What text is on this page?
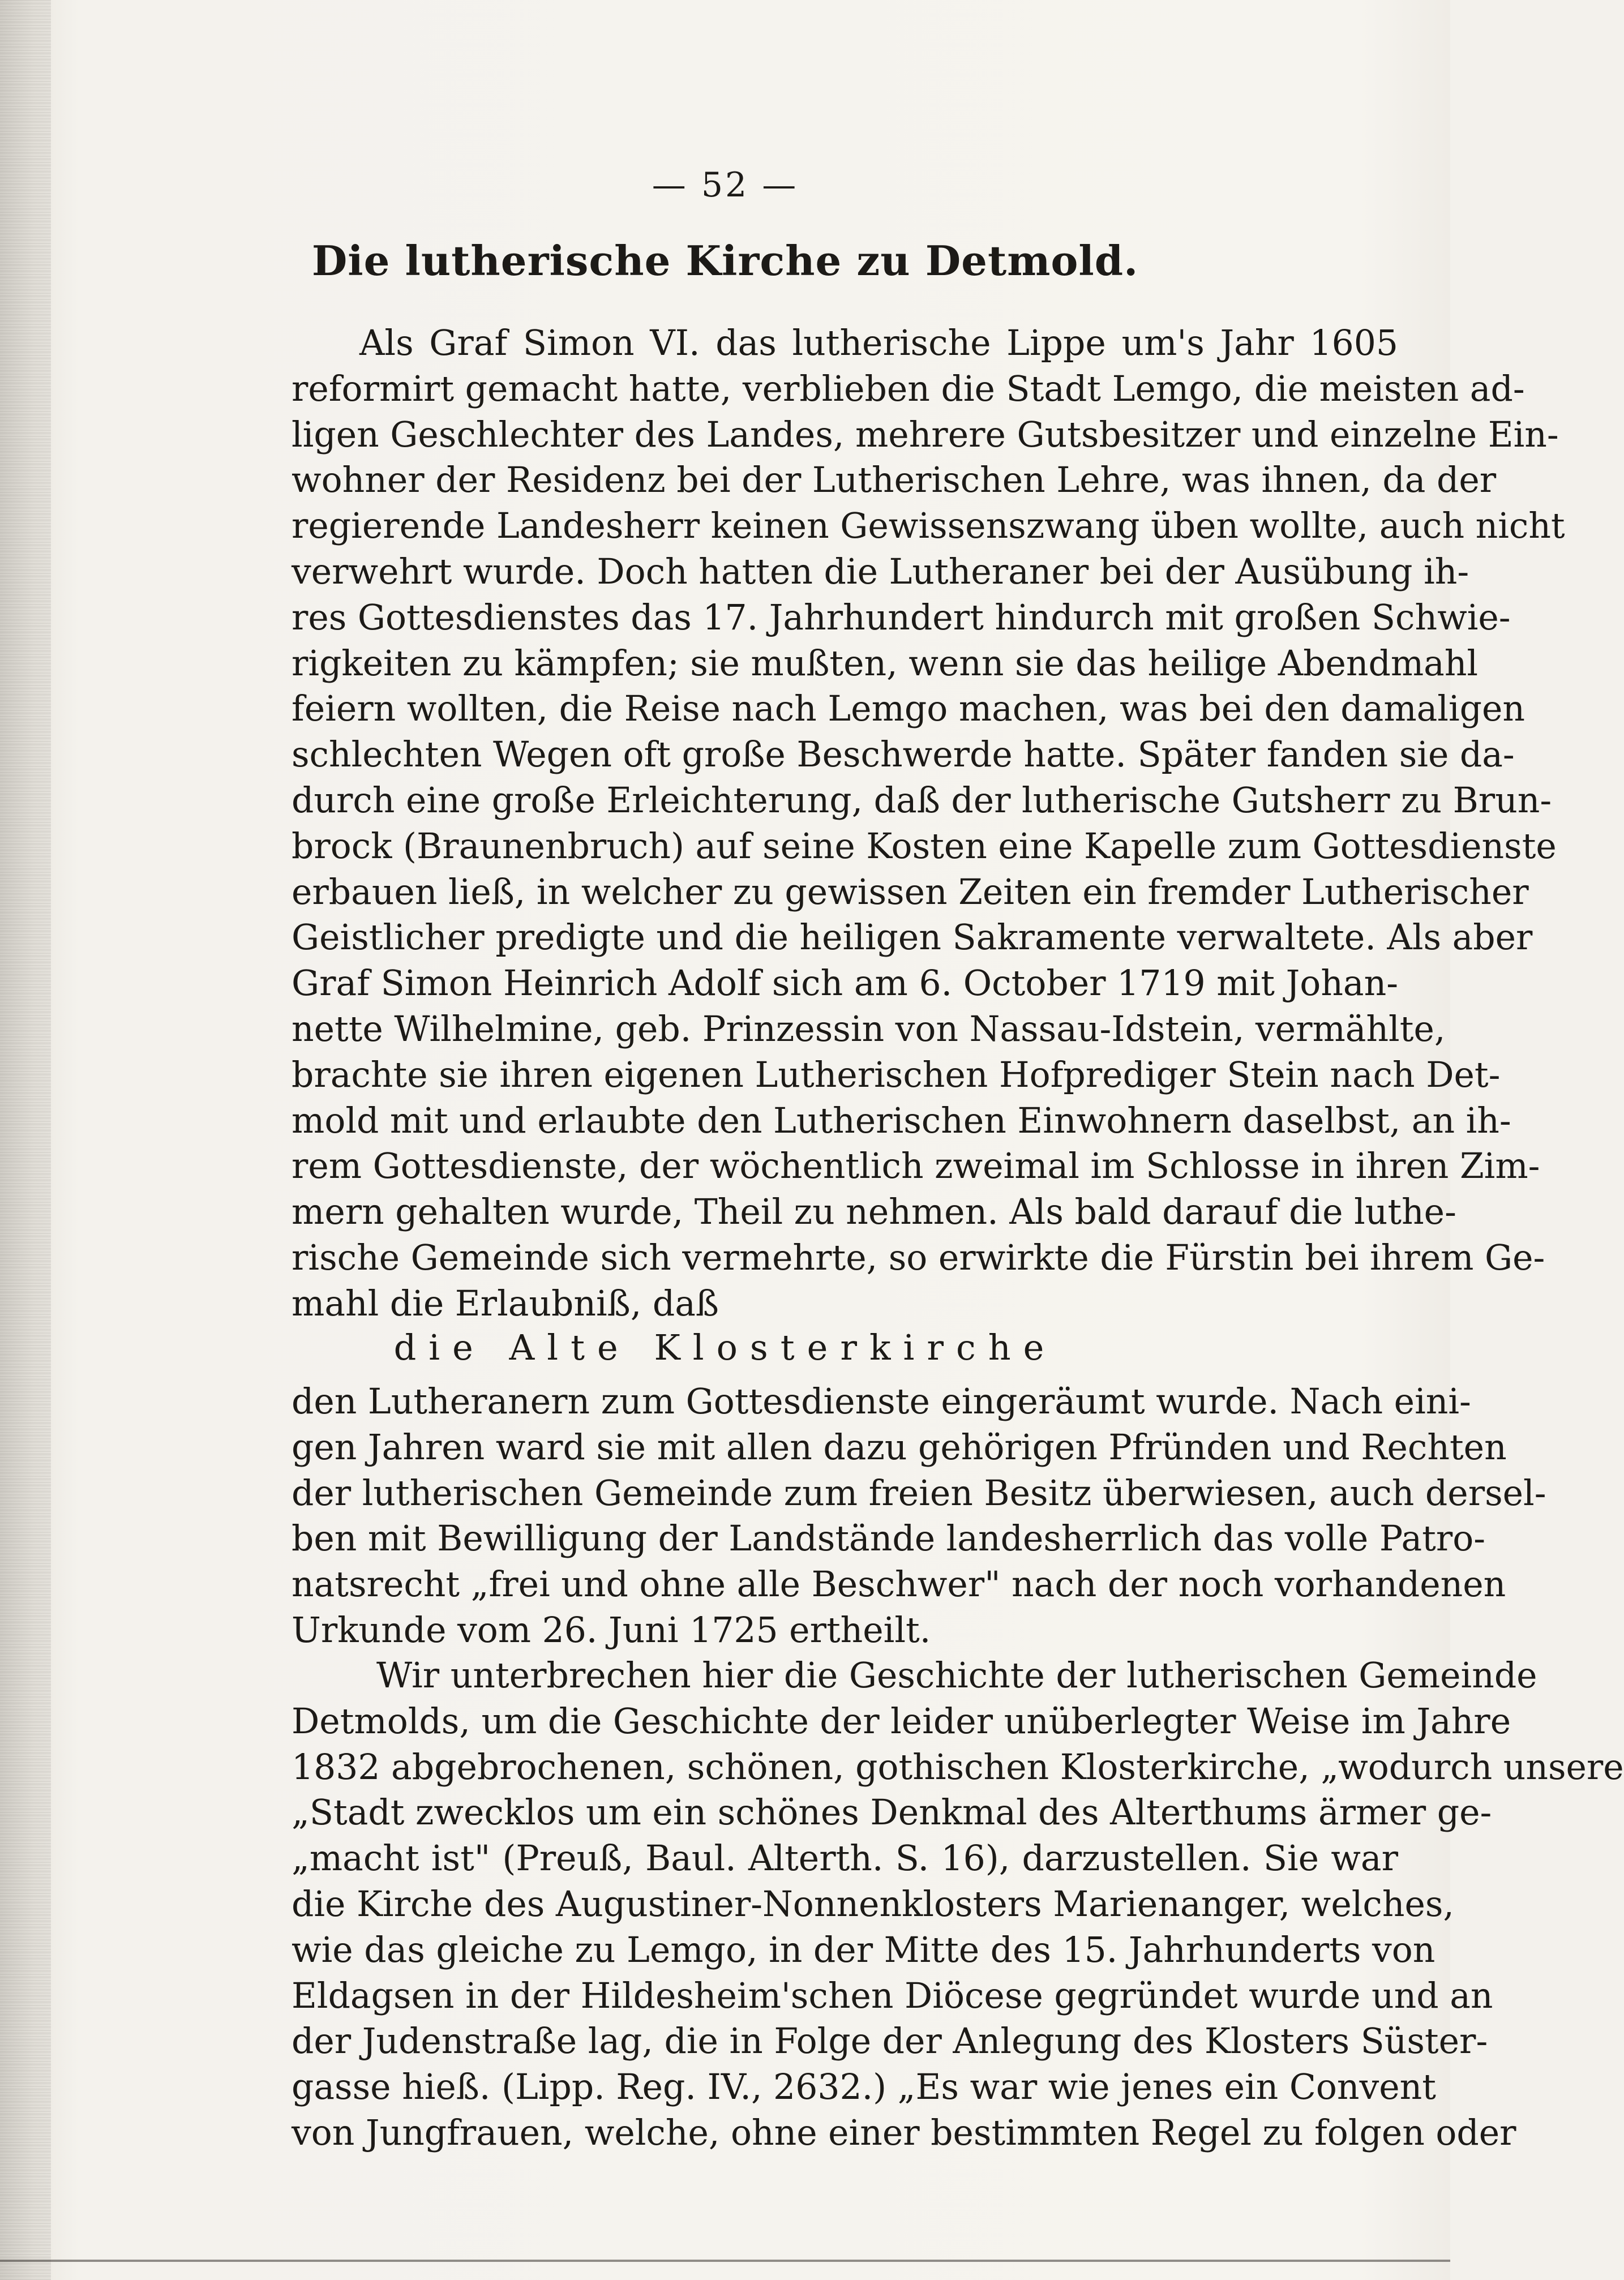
— 52 —
Die lutherische Kirche zu Detmold.
Als Graf Simon VI. das lutherische Lippe um's Jahr 1605
reformirt gemacht hatte, verblieben die Stadt Lemgo, die meisten ad-
ligen Geschlechter des Landes, mehrere Gutsbesitzer und einzelne Ein-
wohner der Residenz bei der Lutherischen Lehre, was ihnen, da der
regierende Landesherr keinen Gewissenszwang üben wollte, auch nicht
verwehrt wurde. Doch hatten die Lutheraner bei der Ausübung ih-
res Gottesdienstes das 17. Jahrhundert hindurch mit großen Schwie-
rigkeiten zu kämpfen; sie mußten, wenn sie das heilige Abendmahl
feiern wollten, die Reise nach Lemgo machen, was bei den damaligen
schlechten Wegen oft große Beschwerde hatte. Später fanden sie da-
durch eine große Erleichterung, daß der lutherische Gutsherr zu Brun-
brock (Braunenbruch) auf seine Kosten eine Kapelle zum Gottesdienste
erbauen ließ, in welcher zu gewissen Zeiten ein fremder Lutherischer
Geistlicher predigte und die heiligen Sakramente verwaltete. Als aber
Graf Simon Heinrich Adolf sich am 6. October 1719 mit Johan-
nette Wilhelmine, geb. Prinzessin von Nassau-Idstein, vermählte,
brachte sie ihren eigenen Lutherischen Hofprediger Stein nach Det-
mold mit und erlaubte den Lutherischen Einwohnern daselbst, an ih-
rem Gottesdienste, der wöchentlich zweimal im Schlosse in ihren Zim-
mern gehalten wurde, Theil zu nehmen. Als bald darauf die luthe-
rische Gemeinde sich vermehrte, so erwirkte die Fürstin bei ihrem Ge-
mahl die Erlaubniß, daß
die Alte Klosterkirche
den Lutheranern zum Gottesdienste eingeräumt wurde. Nach eini-
gen Jahren ward sie mit allen dazu gehörigen Pfründen und Rechten
der lutherischen Gemeinde zum freien Besitz überwiesen, auch dersel-
ben mit Bewilligung der Landstände landesherrlich das volle Patro-
natsrecht „frei und ohne alle Beschwer" nach der noch vorhandenen
Urkunde vom 26. Juni 1725 ertheilt.
Wir unterbrechen hier die Geschichte der lutherischen Gemeinde
Detmolds, um die Geschichte der leider unüberlegter Weise im Jahre
1832 abgebrochenen, schönen, gothischen Klosterkirche, „wodurch unsere
„Stadt zwecklos um ein schönes Denkmal des Alterthums ärmer ge-
„macht ist" (Preuß, Baul. Alterth. S. 16), darzustellen. Sie war
die Kirche des Augustiner-Nonnenklosters Marienanger, welches,
wie das gleiche zu Lemgo, in der Mitte des 15. Jahrhunderts von
Eldagsen in der Hildesheim'schen Diöcese gegründet wurde und an
der Judenstraße lag, die in Folge der Anlegung des Klosters Süster-
gasse hieß. (Lipp. Reg. IV., 2632.) „Es war wie jenes ein Convent
von Jungfrauen, welche, ohne einer bestimmten Regel zu folgen oder
